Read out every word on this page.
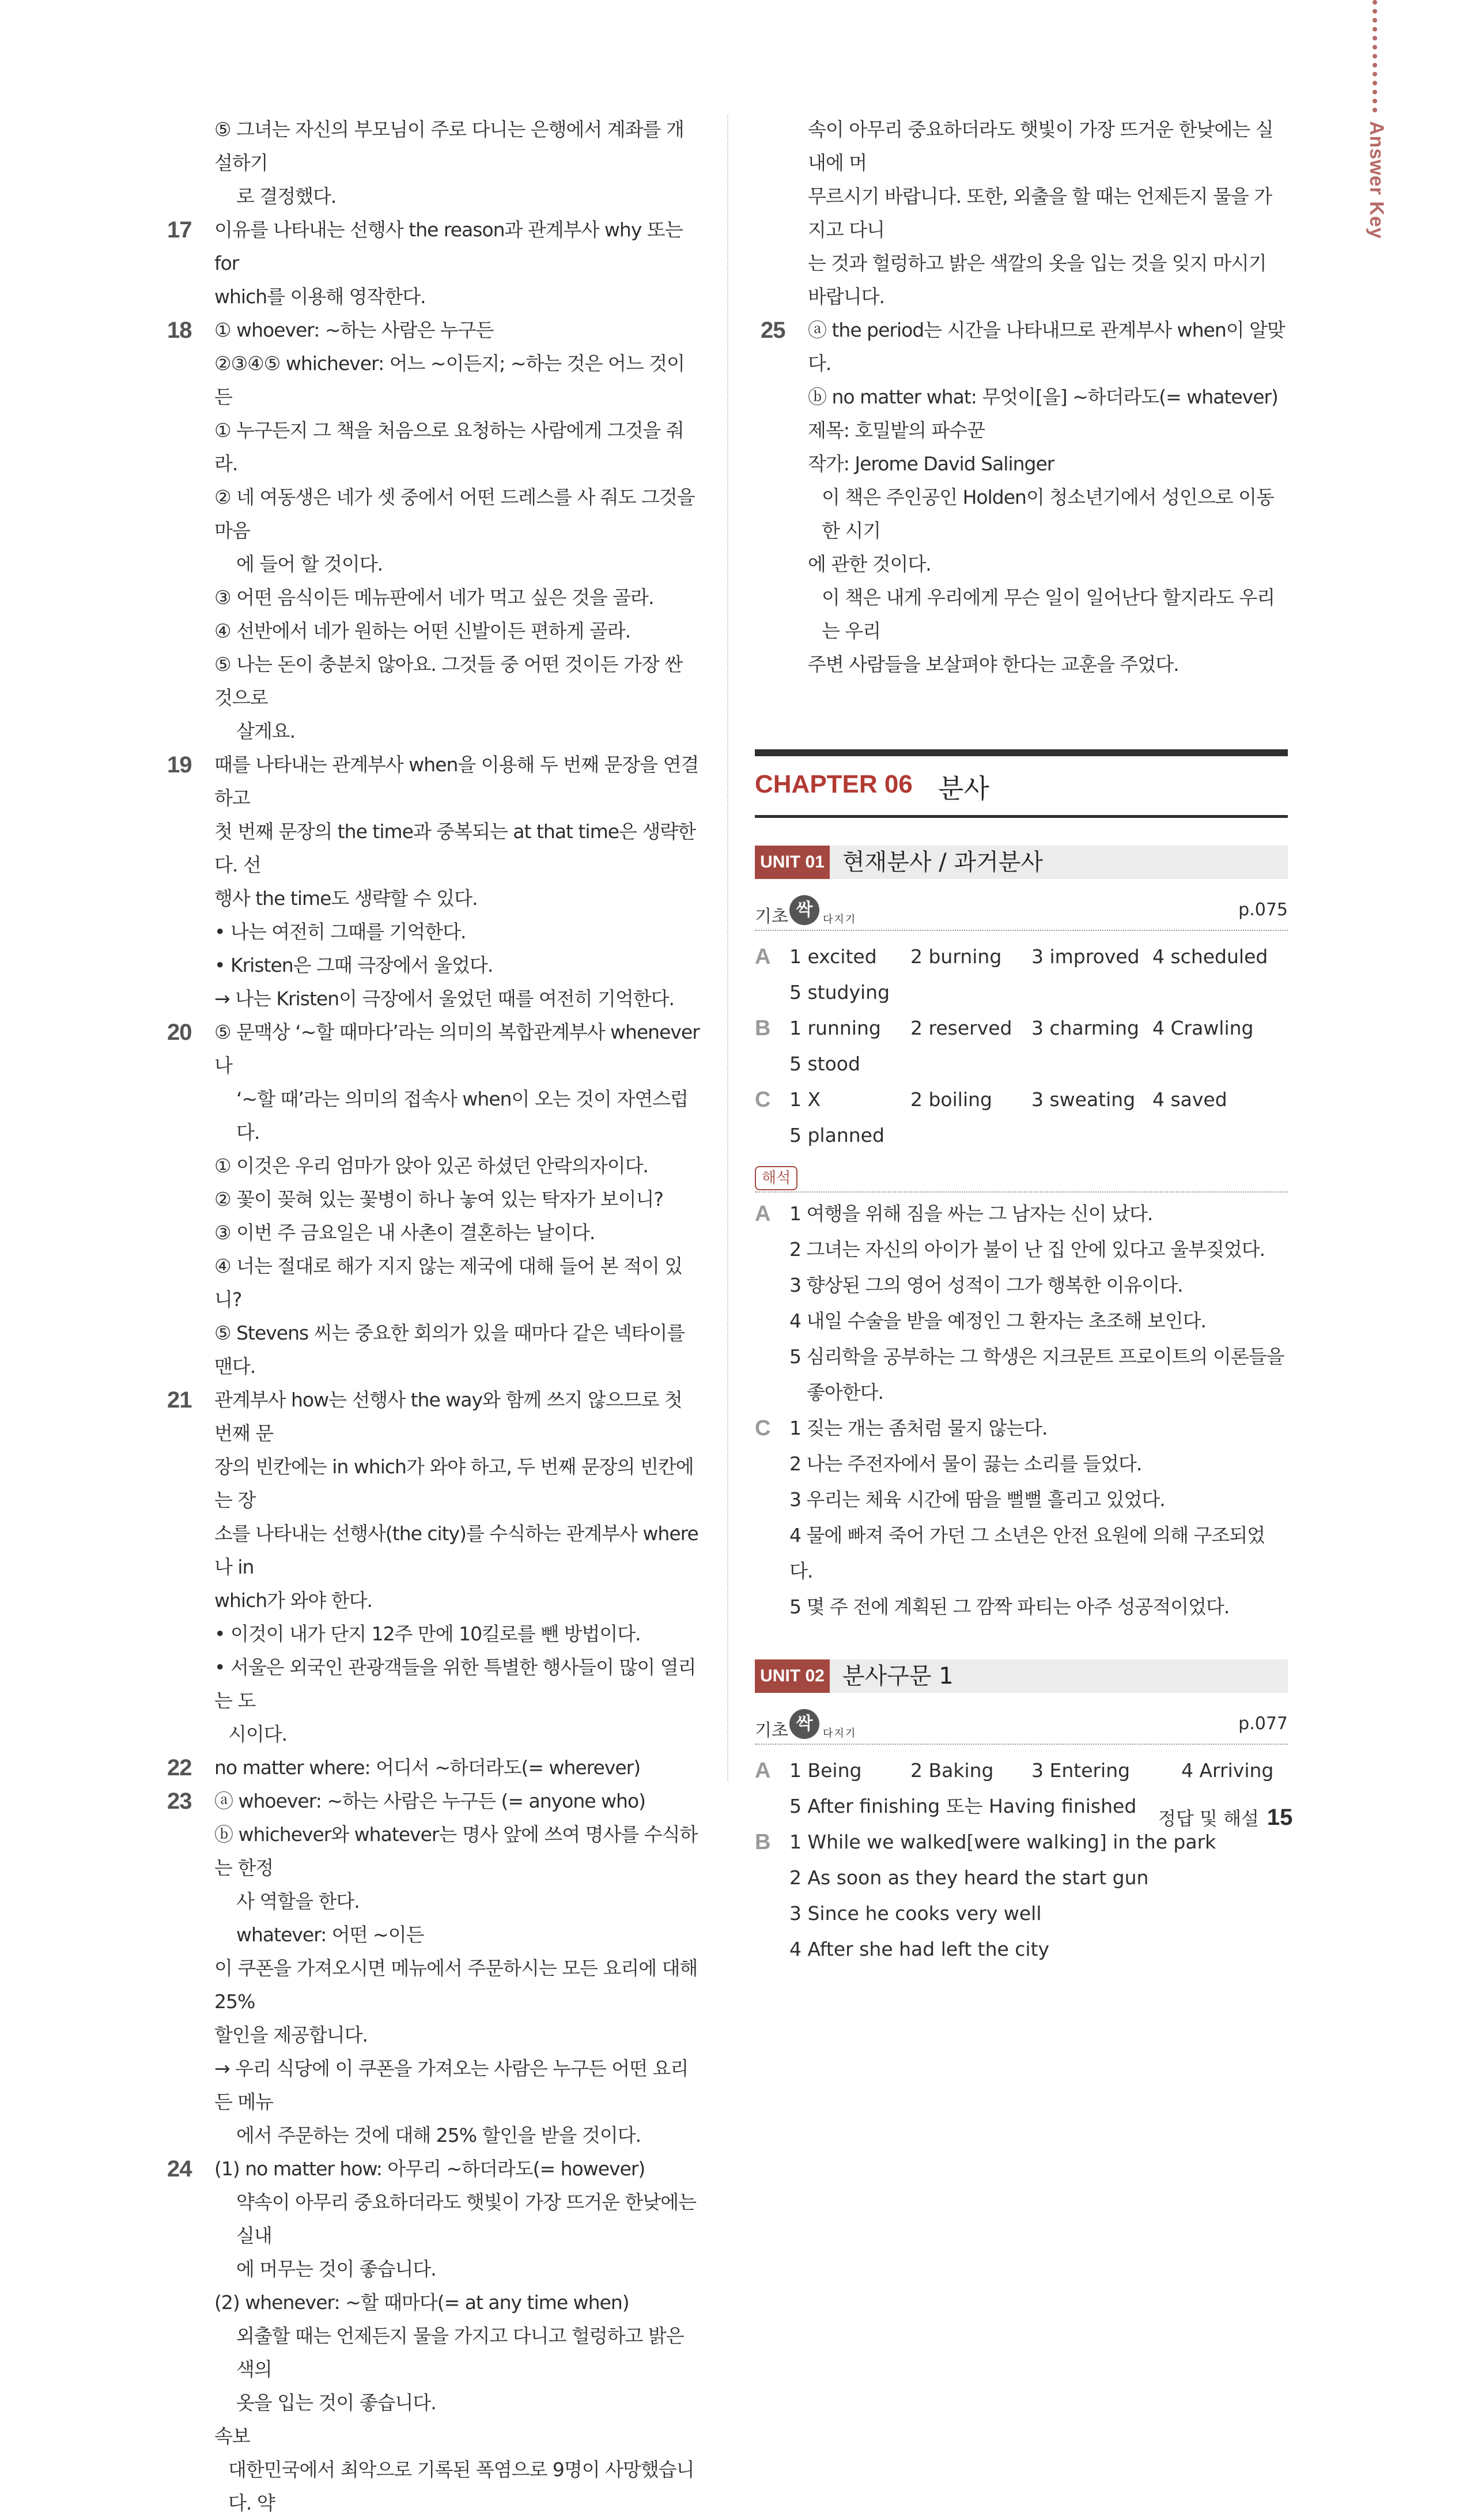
Answer Key
⑤ 그녀는 자신의 부모님이 주로 다니는 은행에서 계좌를 개설하기
로 결정했다.
17 이유를 나타내는 선행사 the reason과 관계부사 why 또는 for
which를 이용해 영작한다.
18 ① whoever: ~하는 사람은 누구든
②③④⑤ whichever: 어느 ~이든지; ~하는 것은 어느 것이든
① 누구든지 그 책을 처음으로 요청하는 사람에게 그것을 줘라.
② 네 여동생은 네가 셋 중에서 어떤 드레스를 사 줘도 그것을 마음
에 들어 할 것이다.
③ 어떤 음식이든 메뉴판에서 네가 먹고 싶은 것을 골라.
④ 선반에서 네가 원하는 어떤 신발이든 편하게 골라.
⑤ 나는 돈이 충분치 않아요. 그것들 중 어떤 것이든 가장 싼 것으로
살게요.
19 때를 나타내는 관계부사 when을 이용해 두 번째 문장을 연결하고
첫 번째 문장의 the time과 중복되는 at that time은 생략한다. 선
행사 the time도 생략할 수 있다.
• 나는 여전히 그때를 기억한다.
• Kristen은 그때 극장에서 울었다.
→ 나는 Kristen이 극장에서 울었던 때를 여전히 기억한다.
20 ⑤ 문맥상 ‘~할 때마다’라는 의미의 복합관계부사 whenever나
‘~할 때’라는 의미의 접속사 when이 오는 것이 자연스럽다.
① 이것은 우리 엄마가 앉아 있곤 하셨던 안락의자이다.
② 꽃이 꽂혀 있는 꽃병이 하나 놓여 있는 탁자가 보이니?
③ 이번 주 금요일은 내 사촌이 결혼하는 날이다.
④ 너는 절대로 해가 지지 않는 제국에 대해 들어 본 적이 있니?
⑤ Stevens 씨는 중요한 회의가 있을 때마다 같은 넥타이를 맨다.
21 관계부사 how는 선행사 the way와 함께 쓰지 않으므로 첫 번째 문
장의 빈칸에는 in which가 와야 하고, 두 번째 문장의 빈칸에는 장
소를 나타내는 선행사(the city)를 수식하는 관계부사 where나 in
which가 와야 한다.
• 이것이 내가 단지 12주 만에 10킬로를 뺀 방법이다.
• 서울은 외국인 관광객들을 위한 특별한 행사들이 많이 열리는 도
시이다.
22 no matter where: 어디서 ~하더라도(= wherever)
23 ⓐ whoever: ~하는 사람은 누구든 (= anyone who)
ⓑ whichever와 whatever는 명사 앞에 쓰여 명사를 수식하는 한정
사 역할을 한다.
whatever: 어떤 ~이든
이 쿠폰을 가져오시면 메뉴에서 주문하시는 모든 요리에 대해 25%
할인을 제공합니다.
→ 우리 식당에 이 쿠폰을 가져오는 사람은 누구든 어떤 요리든 메뉴
에서 주문하는 것에 대해 25% 할인을 받을 것이다.
24 (1) no matter how: 아무리 ~하더라도(= however)
약속이 아무리 중요하더라도 햇빛이 가장 뜨거운 한낮에는 실내
에 머무는 것이 좋습니다.
(2) whenever: ~할 때마다(= at any time when)
외출할 때는 언제든지 물을 가지고 다니고 헐렁하고 밝은 색의
옷을 입는 것이 좋습니다.
속보
대한민국에서 최악으로 기록된 폭염으로 9명이 사망했습니다. 약
속이 아무리 중요하더라도 햇빛이 가장 뜨거운 한낮에는 실내에 머
무르시기 바랍니다. 또한, 외출을 할 때는 언제든지 물을 가지고 다니
는 것과 헐렁하고 밝은 색깔의 옷을 입는 것을 잊지 마시기 바랍니다.
25 ⓐ the period는 시간을 나타내므로 관계부사 when이 알맞다.
ⓑ no matter what: 무엇이[을] ~하더라도(= whatever)
제목: 호밀밭의 파수꾼
작가: Jerome David Salinger
이 책은 주인공인 Holden이 청소년기에서 성인으로 이동한 시기
에 관한 것이다.
이 책은 내게 우리에게 무슨 일이 일어난다 할지라도 우리는 우리
주변 사람들을 보살펴야 한다는 교훈을 주었다.
CHAPTER 06 분사
UNIT 01 현재분사 / 과거분사
기초 싹 다지기	p.075
A 1 excited	2 burning	3 improved 4 scheduled
5 studying
B 1 running	2 reserved	3 charming 4 Crawling
5 stood
C 1 X	2 boiling	3 sweating 4 saved
5 planned
해석
A 1 여행을 위해 짐을 싸는 그 남자는 신이 났다.
2 그녀는 자신의 아이가 불이 난 집 안에 있다고 울부짖었다.
3 향상된 그의 영어 성적이 그가 행복한 이유이다.
4 내일 수술을 받을 예정인 그 환자는 초조해 보인다.
5 심리학을 공부하는 그 학생은 지크문트 프로이트의 이론들을
좋아한다.
C 1 짖는 개는 좀처럼 물지 않는다.
2 나는 주전자에서 물이 끓는 소리를 들었다.
3 우리는 체육 시간에 땀을 뻘뻘 흘리고 있었다.
4 물에 빠져 죽어 가던 그 소년은 안전 요원에 의해 구조되었다.
5 몇 주 전에 계획된 그 깜짝 파티는 아주 성공적이었다.
UNIT 02 분사구문 1
기초 싹 다지기	p.077
A 1 Being	2 Baking	3 Entering	4 Arriving
5 After finishing 또는 Having finished
B 1 While we walked[were walking] in the park
2 As soon as they heard the start gun
3 Since he cooks very well
4 After she had left the city
정답 및 해설 15
